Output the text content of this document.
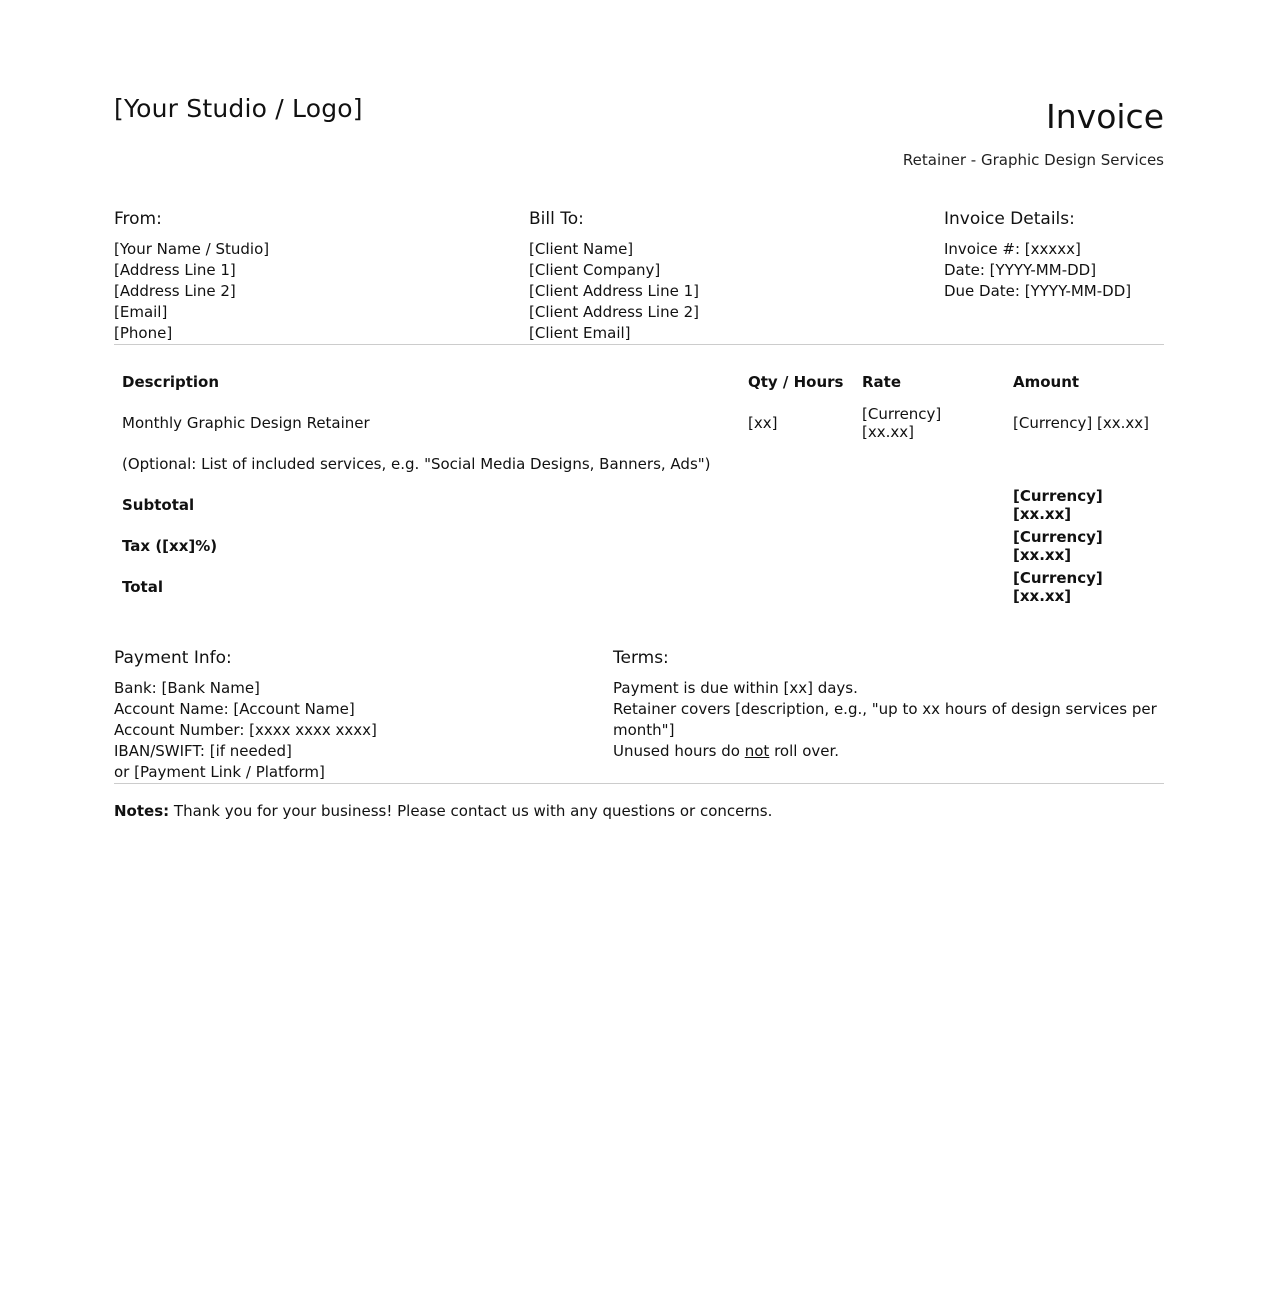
[Your Studio / Logo]	Invoice
Retainer - Graphic Design Services
From:
[Your Name / Studio]
[Address Line 1]
[Address Line 2]
[Email]
[Phone]
Bill To:
[Client Name]
[Client Company]
[Client Address Line 1]
[Client Address Line 2]
[Client Email]
Invoice Details:
Invoice #: [xxxxx]
Date: [YYYY-MM-DD]
Due Date: [YYYY-MM-DD]
Description	Qty / Hours	Rate	Amount
Monthly Graphic Design Retainer	[xx]	[Currency] [xx.xx]	[Currency] [xx.xx]
(Optional: List of included services, e.g. "Social Media Designs, Banners, Ads")			
Subtotal			[Currency] [xx.xx]
Tax ([xx]%)			[Currency] [xx.xx]
Total			[Currency] [xx.xx]
Payment Info:
Bank: [Bank Name]
Account Name: [Account Name]
Account Number: [xxxx xxxx xxxx]
IBAN/SWIFT: [if needed]
or [Payment Link / Platform]
Terms:
Payment is due within [xx] days.
Retainer covers [description, e.g., "up to xx hours of design services per month"]
Unused hours do not roll over.
Notes: Thank you for your business! Please contact us with any questions or concerns.
